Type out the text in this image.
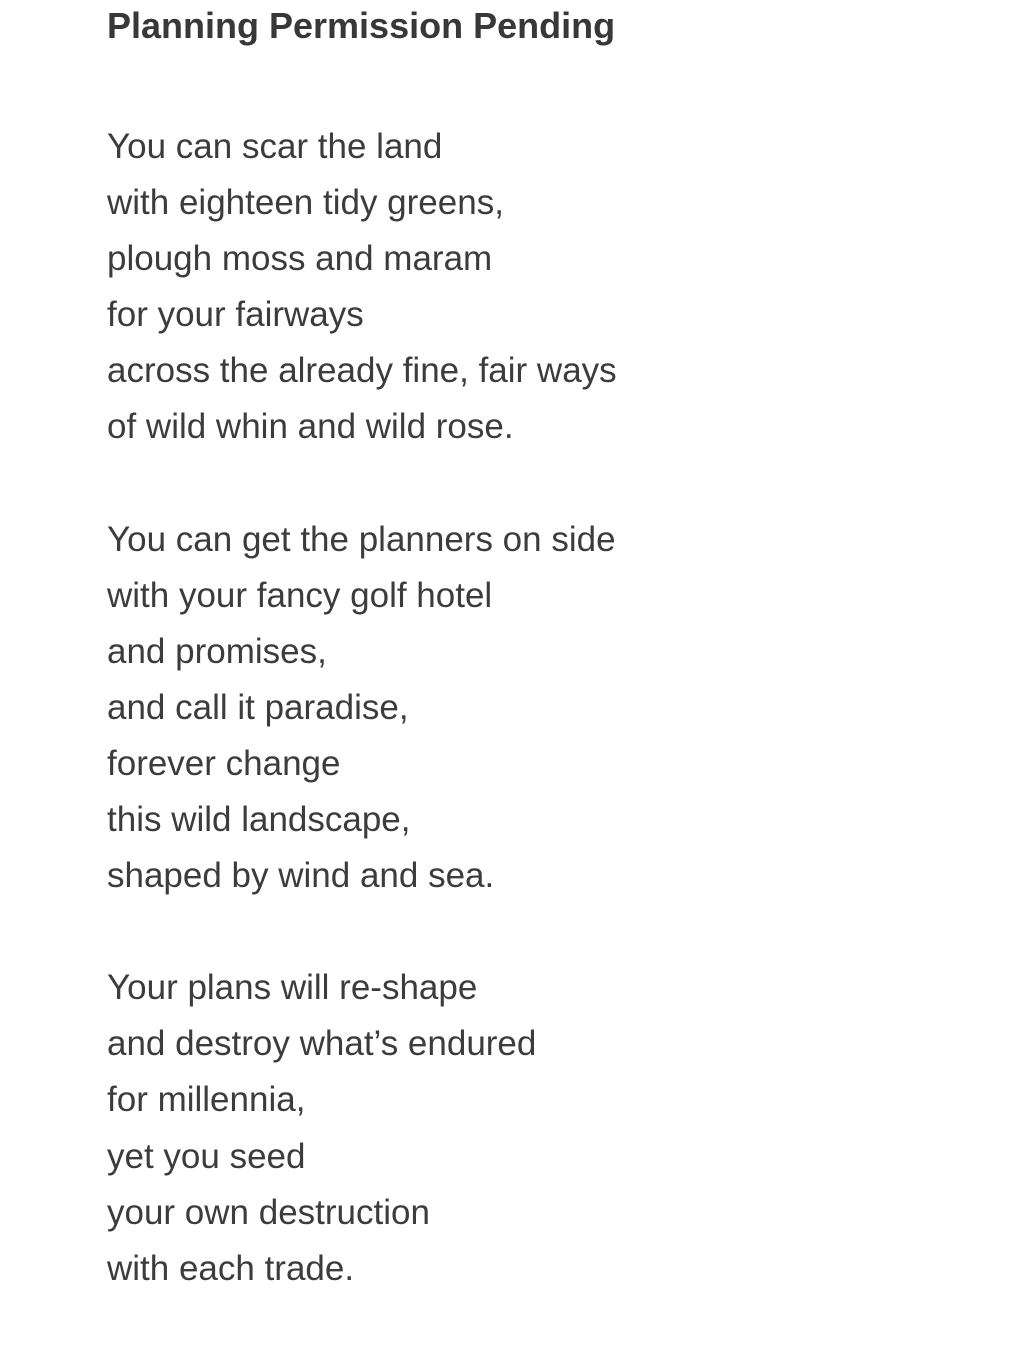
Planning Permission Pending

You can scar the land
with eighteen tidy greens,
plough moss and maram
for your fairways
across the already fine, fair ways
of wild whin and wild rose.

You can get the planners on side
with your fancy golf hotel
and promises,
and call it paradise,
forever change
this wild landscape,
shaped by wind and sea.

Your plans will re-shape
and destroy what’s endured
for millennia,
yet you seed
your own destruction
with each trade.
